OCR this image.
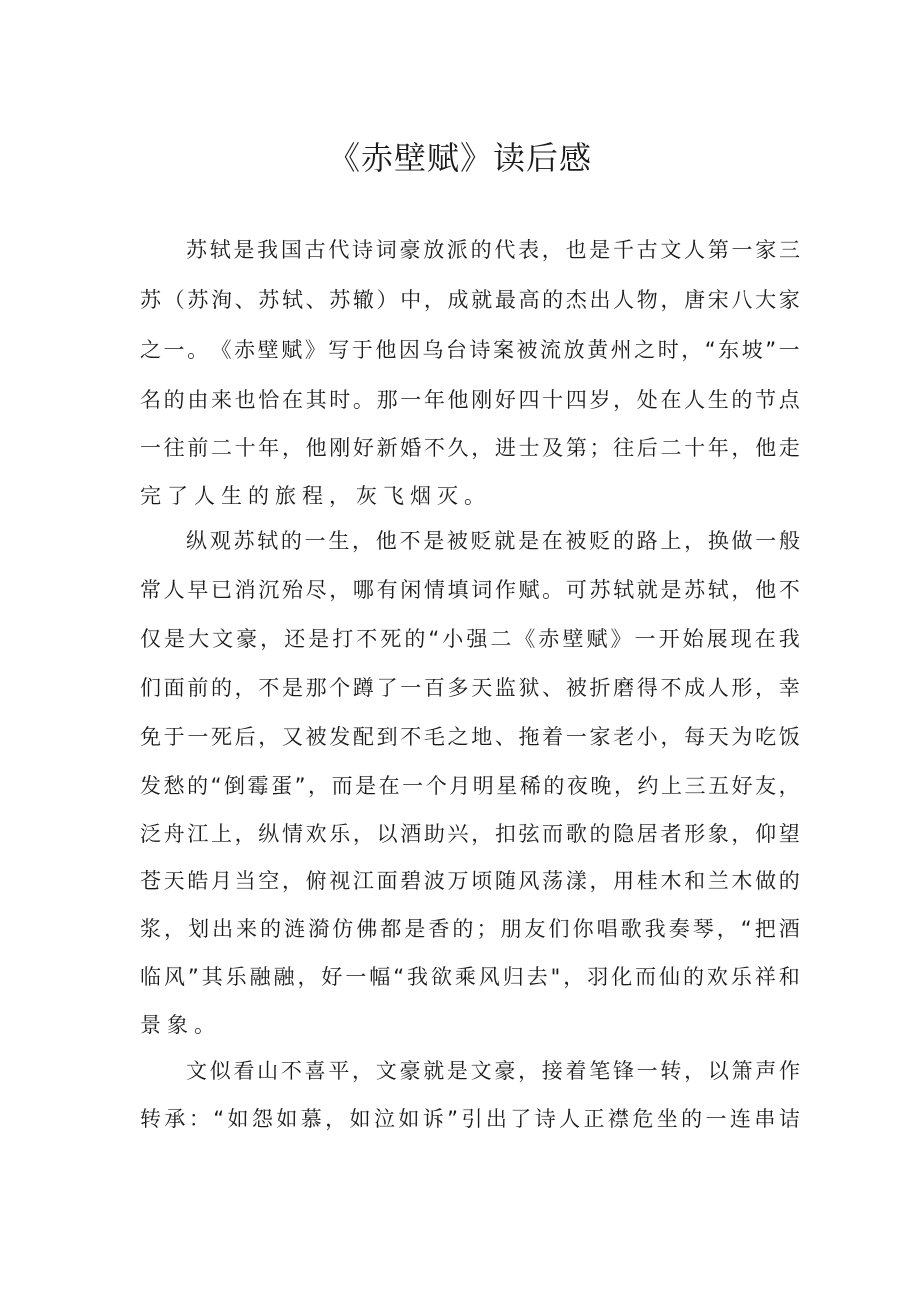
《赤壁赋》读后感
苏 轼 是 我 国 古 代 诗 词 豪 放 派 的 代 表 ， 也 是 千 古 文 人 第 一 家 三
苏 （ 苏 洵 、 苏 轼 、 苏 辙 ） 中 ， 成 就 最 高 的 杰 出 人 物 ， 唐 宋 八 大 家
之 一 。 《 赤 壁 赋 》 写 于 他 因 乌 台 诗 案 被 流 放 黄 州 之 时 ， “ 东 坡 ” 一
名 的 由 来 也 恰 在 其 时 。 那 一 年 他 刚 好 四 十 四 岁 ， 处 在 人 生 的 节 点
一 往 前 二 十 年 ， 他 刚 好 新 婚 不 久 ， 进 士 及 第 ； 往 后 二 十 年 ， 他 走
完 了 人 生 的 旅 程 ， 灰 飞 烟 灭 。
纵 观 苏 轼 的 一 生 ， 他 不 是 被 贬 就 是 在 被 贬 的 路 上 ， 换 做 一 般
常 人 早 已 消 沉 殆 尽 ， 哪 有 闲 情 填 词 作 赋 。 可 苏 轼 就 是 苏 轼 ， 他 不
仅 是 大 文 豪 ， 还 是 打 不 死 的 “ 小 强 二 《 赤 壁 赋 》 一 开 始 展 现 在 我
们 面 前 的 ， 不 是 那 个 蹲 了 一 百 多 天 监 狱 、 被 折 磨 得 不 成 人 形 ， 幸
免 于 一 死 后 ， 又 被 发 配 到 不 毛 之 地 、 拖 着 一 家 老 小 ， 每 天 为 吃 饭
发 愁 的 “ 倒 霉 蛋 ” ， 而 是 在 一 个 月 明 星 稀 的 夜 晚 ， 约 上 三 五 好 友 ，
泛 舟 江 上 ， 纵 情 欢 乐 ， 以 酒 助 兴 ， 扣 弦 而 歌 的 隐 居 者 形 象 ， 仰 望
苍 天 皓 月 当 空 ， 俯 视 江 面 碧 波 万 顷 随 风 荡 漾 ， 用 桂 木 和 兰 木 做 的
浆 ， 划 出 来 的 涟 漪 仿 佛 都 是 香 的 ； 朋 友 们 你 唱 歌 我 奏 琴 ， “ 把 酒
临 风 ” 其 乐 融 融 ， 好 一 幅 “ 我 欲 乘 风 归 去 " ， 羽 化 而 仙 的 欢 乐 祥 和
景 象 。
文 似 看 山 不 喜 平 ， 文 豪 就 是 文 豪 ， 接 着 笔 锋 一 转 ， 以 箫 声 作
转 承 ： “ 如 怨 如 慕 ， 如 泣 如 诉 ” 引 出 了 诗 人 正 襟 危 坐 的 一 连 串 诘
